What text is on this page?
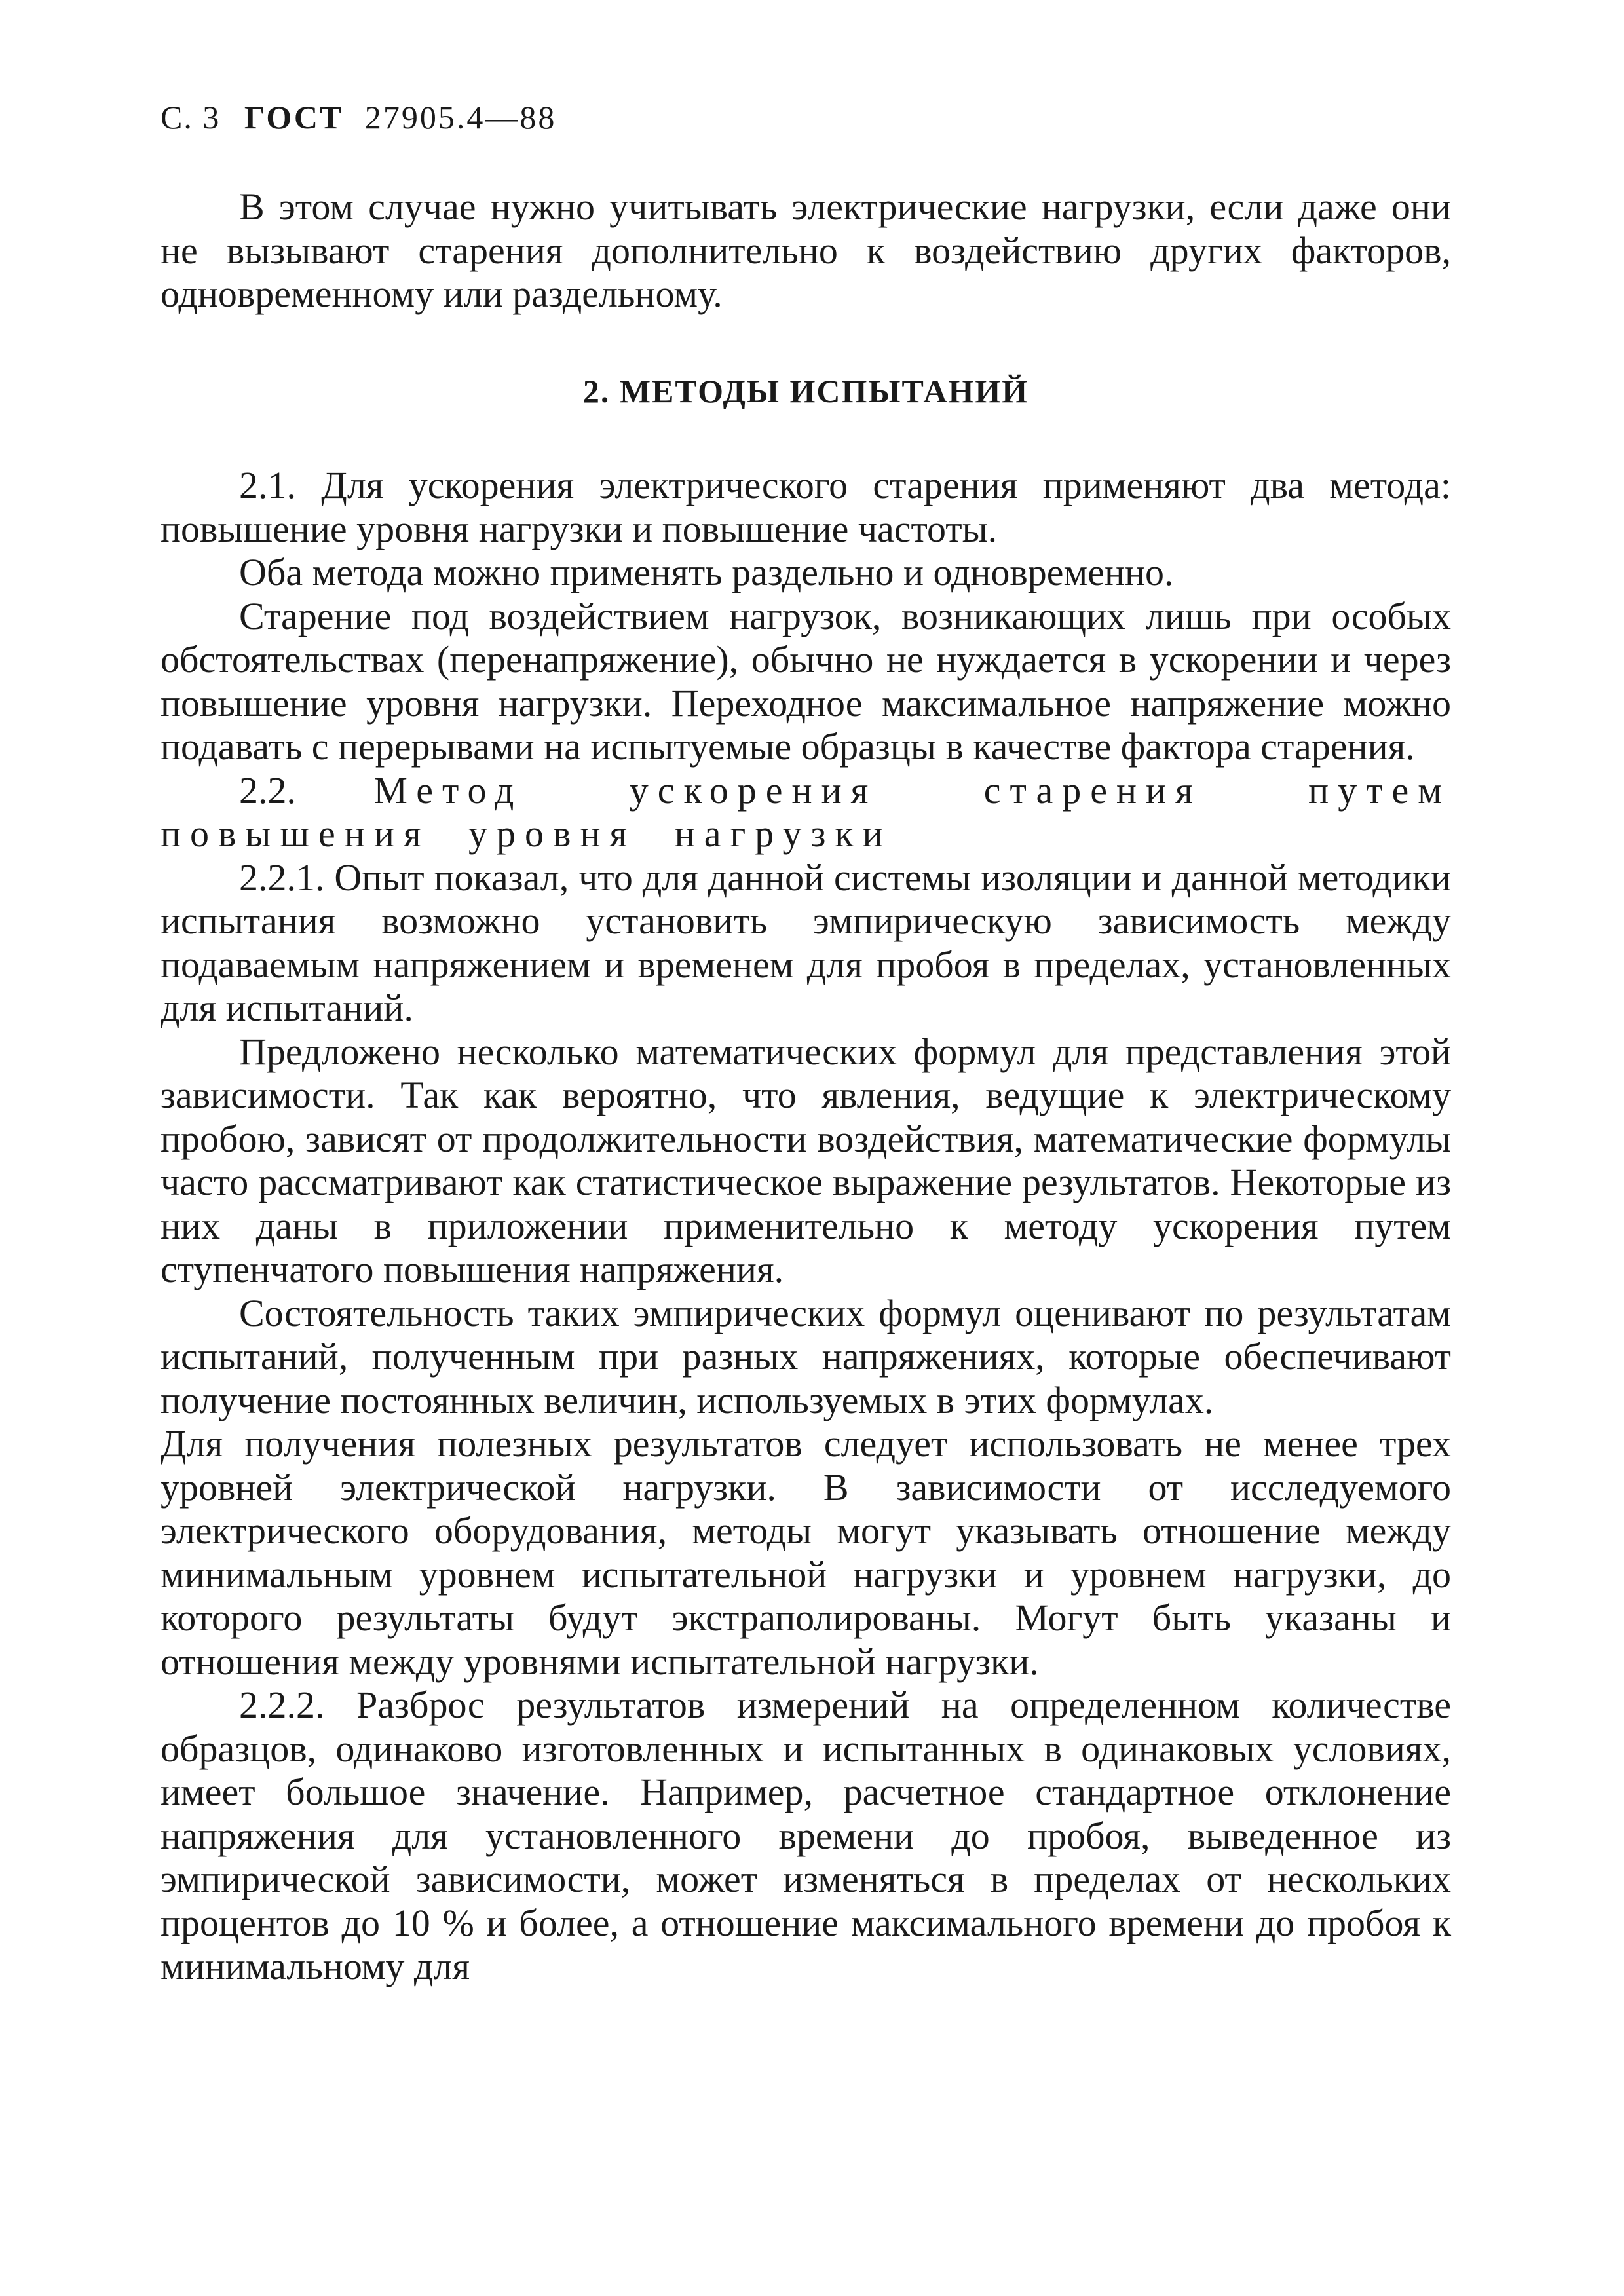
С. 3 ГОСТ 27905.4—88

В этом случае нужно учитывать электрические нагрузки, если даже они не вызывают старения дополнительно к воздействию других факторов, одновременному или раздельному.

2. МЕТОДЫ ИСПЫТАНИЙ

2.1. Для ускорения электрического старения применяют два метода: повышение уровня нагрузки и повышение частоты.

Оба метода можно применять раздельно и одновременно.

Старение под воздействием нагрузок, возникающих лишь при особых обстоятельствах (перенапряжение), обычно не нуждается в ускорении и через повышение уровня нагрузки. Переходное максимальное напряжение можно подавать с перерывами на испытуемые образцы в качестве фактора старения.

2.2. Метод ускорения старения путем повышения уровня нагрузки

2.2.1. Опыт показал, что для данной системы изоляции и данной методики испытания возможно установить эмпирическую зависимость между подаваемым напряжением и временем для пробоя в пределах, установленных для испытаний.

Предложено несколько математических формул для представления этой зависимости. Так как вероятно, что явления, ведущие к электрическому пробою, зависят от продолжительности воздействия, математические формулы часто рассматривают как статистическое выражение результатов. Некоторые из них даны в приложении применительно к методу ускорения путем ступенчатого повышения напряжения.

Состоятельность таких эмпирических формул оценивают по результатам испытаний, полученным при разных напряжениях, которые обеспечивают получение постоянных величин, используемых в этих формулах.

Для получения полезных результатов следует использовать не менее трех уровней электрической нагрузки. В зависимости от исследуемого электрического оборудования, методы могут указывать отношение между минимальным уровнем испытательной нагрузки и уровнем нагрузки, до которого результаты будут экстраполированы. Могут быть указаны и отношения между уровнями испытательной нагрузки.

2.2.2. Разброс результатов измерений на определенном количестве образцов, одинаково изготовленных и испытанных в одинаковых условиях, имеет большое значение. Например, расчетное стандартное отклонение напряжения для установленного времени до пробоя, выведенное из эмпирической зависимости, может изменяться в пределах от нескольких процентов до 10 % и более, а отношение максимального времени до пробоя к минимальному для
